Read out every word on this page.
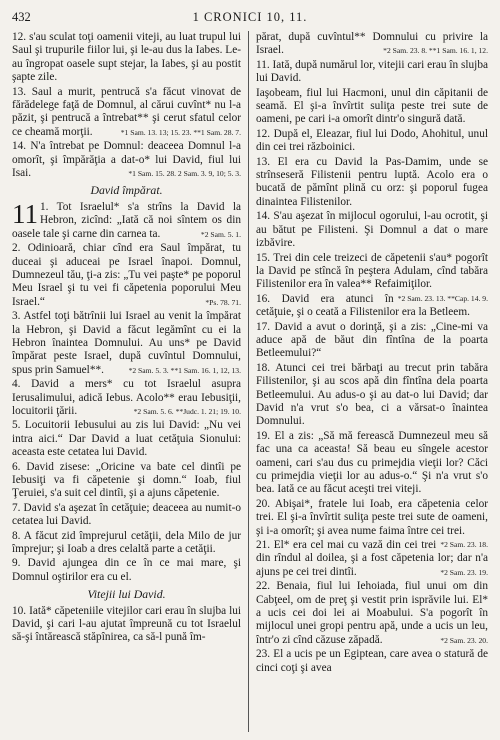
432	1 CRONICI 10, 11.

12. s'au sculat toţi oamenii viteji, au luat trupul lui Saul şi trupurile fiilor lui, şi le-au dus la Iabes. Le-au îngropat oasele supt stejar, la Iabes, şi au postit şapte zile.

13. Saul a murit, pentrucă s'a făcut vinovat de fărădelege faţă de Domnul, al cărui cuvînt* nu l-a păzit, şi pentrucă a întrebat** şi cerut sfatul celor ce cheamă morţii.	*1 Sam. 13. 13; 15. 23. **1 Sam. 28. 7.

14. N'a întrebat pe Domnul: deaceea Domnul l-a omorît, şi împărăţia a dat-o* lui David, fiul lui Isai.	*1 Sam. 15. 28. 2 Sam. 3. 9, 10; 5. 3.

David împărat.

11 1. Tot Israelul* s'a strîns la David la Hebron, zicînd: „Iată că noi sîntem os din oasele tale şi carne din carnea ta.	*2 Sam. 5. 1.

2. Odinioară, chiar cînd era Saul împărat, tu duceai şi aduceai pe Israel înapoi. Domnul, Dumnezeul tău, ţi-a zis: „Tu vei paşte* pe poporul Meu Israel şi tu vei fi căpetenia poporului Meu Israel.“	*Ps. 78. 71.

3. Astfel toţi bătrînii lui Israel au venit la împărat la Hebron, şi David a făcut legămînt cu ei la Hebron înaintea Domnului. Au uns* pe David împărat peste Israel, după cuvîntul Domnului, spus prin Samuel**.	*2 Sam. 5. 3. **1 Sam. 16. 1, 12, 13.

4. David a mers* cu tot Israelul asupra Ierusalimului, adică Iebus. Acolo** erau Iebusiţii, locuitorii ţării.	*2 Sam. 5. 6. **Judc. 1. 21; 19. 10.

5. Locuitorii Iebusului au zis lui David: „Nu vei intra aici.“ Dar David a luat cetăţuia Sionului: aceasta este cetatea lui David.

6. David zisese: „Oricine va bate cel dintîi pe Iebusiţi va fi căpetenie şi domn.“ Ioab, fiul Ţeruiei, s'a suit cel dintîi, şi a ajuns căpetenie.

7. David s'a aşezat în cetăţuie; deaceea au numit-o cetatea lui David.

8. A făcut zid împrejurul cetăţii, dela Milo de jur împrejur; şi Ioab a dres celaltă parte a cetăţii.

9. David ajungea din ce în ce mai mare, şi Domnul oştirilor era cu el.

Vitejii lui David.

10. Iată* căpeteniile vitejilor cari erau în slujba lui David, şi cari l-au ajutat împreună cu tot Israelul să-şi întărească stăpînirea, ca să-l pună îm-

părat, după cuvîntul** Domnului cu privire la Israel.	*2 Sam. 23. 8. **1 Sam. 16. 1, 12.

11. Iată, după numărul lor, vitejii cari erau în slujba lui David.

Iaşobeam, fiul lui Hacmoni, unul din căpitanii de seamă. El şi-a învîrtit suliţa peste trei sute de oameni, pe cari i-a omorît dintr'o singură dată.

12. După el, Eleazar, fiul lui Dodo, Ahohitul, unul din cei trei războinici.

13. El era cu David la Pas-Damim, unde se strînseseră Filistenii pentru luptă. Acolo era o bucată de pămînt plină cu orz: şi poporul fugea dinaintea Filistenilor.

14. S'au aşezat în mijlocul ogorului, l-au ocrotit, şi au bătut pe Filisteni. Şi Domnul a dat o mare izbăvire.

15. Trei din cele treizeci de căpetenii s'au* pogorît la David pe stîncă în peştera Adulam, cînd tabăra Filistenilor era în valea** Refaimiţilor.
*2 Sam. 23. 13. **Cap. 14. 9.

16. David era atunci în cetăţuie, şi o ceată a Filistenilor era la Betleem.

17. David a avut o dorinţă, şi a zis: „Cine-mi va aduce apă de băut din fîntîna de la poarta Betleemului?“

18. Atunci cei trei bărbaţi au trecut prin tabăra Filistenilor, şi au scos apă din fîntîna dela poarta Betleemului. Au adus-o şi au dat-o lui David; dar David n'a vrut s'o bea, ci a vărsat-o înaintea Domnului.

19. El a zis: „Să mă ferească Dumnezeul meu să fac una ca aceasta! Să beau eu sîngele acestor oameni, cari s'au dus cu primejdia vieţii lor? Căci cu primejdia vieţii lor au adus-o.“ Şi n'a vrut s'o bea. Iată ce au făcut aceşti trei viteji.

20. Abişai*, fratele lui Ioab, era căpetenia celor trei. El şi-a învîrtit suliţa peste trei sute de oameni, şi i-a omorît; şi avea nume faima între cei trei.
*2 Sam. 23. 18.

21. El* era cel mai cu vază din cei trei din rîndul al doilea, şi a fost căpetenia lor; dar n'a ajuns pe cei trei dintîi.	*2 Sam. 23. 19.

22. Benaia, fiul lui Iehoiada, fiul unui om din Cabţeel, om de preţ şi vestit prin isprăvile lui. El* a ucis cei doi lei ai Moabului. S'a pogorît în mijlocul unei gropi pentru apă, unde a ucis un leu, într'o zi cînd căzuse zăpadă.	*2 Sam. 23. 20.

23. El a ucis pe un Egiptean, care avea o statură de cinci coţi şi avea
